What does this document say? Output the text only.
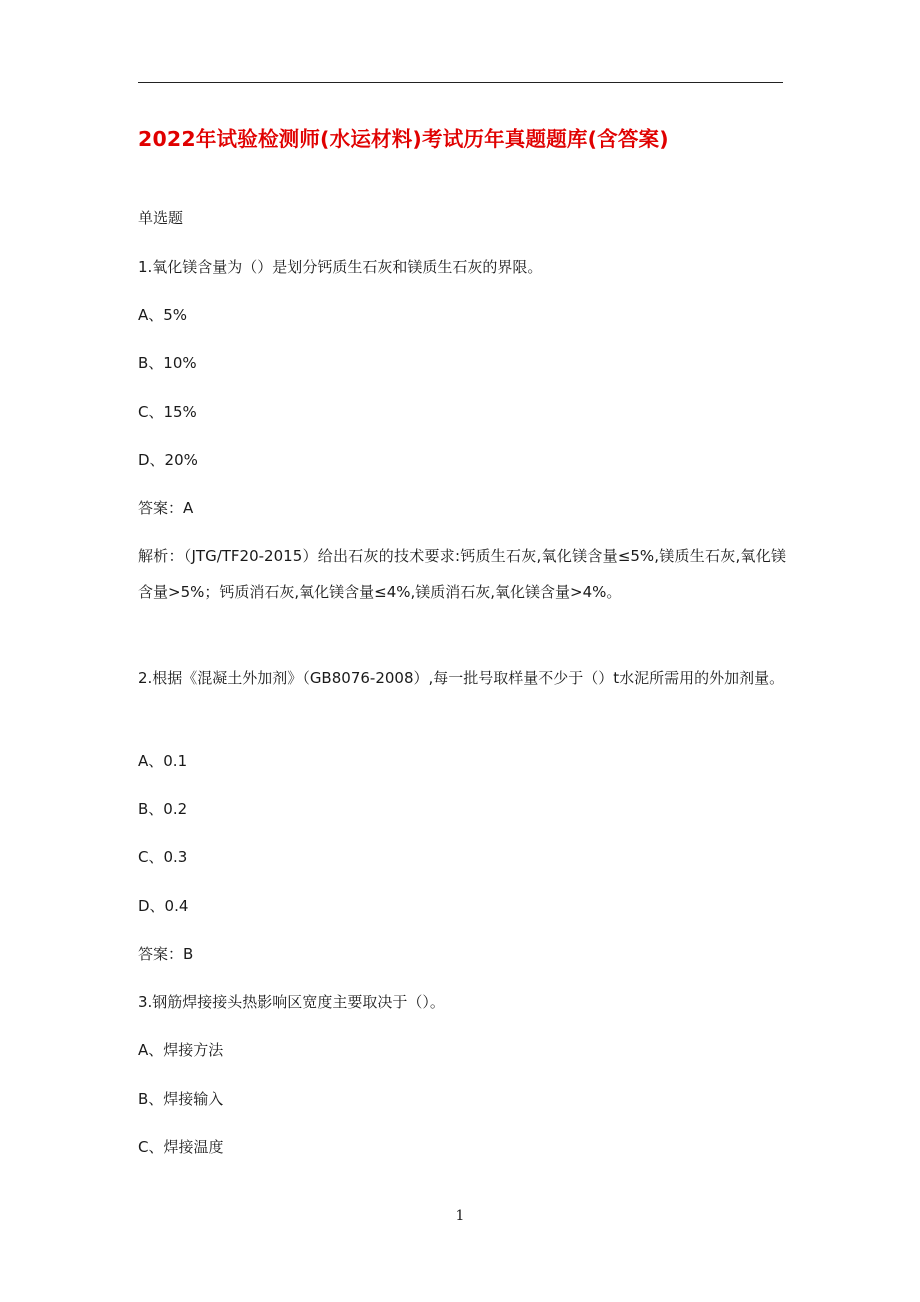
2022年试验检测师(水运材料)考试历年真题题库(含答案)
单选题
1.氧化镁含量为（）是划分钙质生石灰和镁质生石灰的界限。
A、5%
B、10%
C、15%
D、20%
答案：A
解析：（JTG/TF20-2015）给出石灰的技术要求:钙质生石灰,氧化镁含量≤5%,镁质生石灰,氧化镁含量>5%；钙质消石灰,氧化镁含量≤4%,镁质消石灰,氧化镁含量>4%。
2.根据《混凝土外加剂》（GB8076-2008）,每一批号取样量不少于（）t水泥所需用的外加剂量。
A、0.1
B、0.2
C、0.3
D、0.4
答案：B
3.钢筋焊接接头热影响区宽度主要取决于（）。
A、焊接方法
B、焊接输入
C、焊接温度
1
